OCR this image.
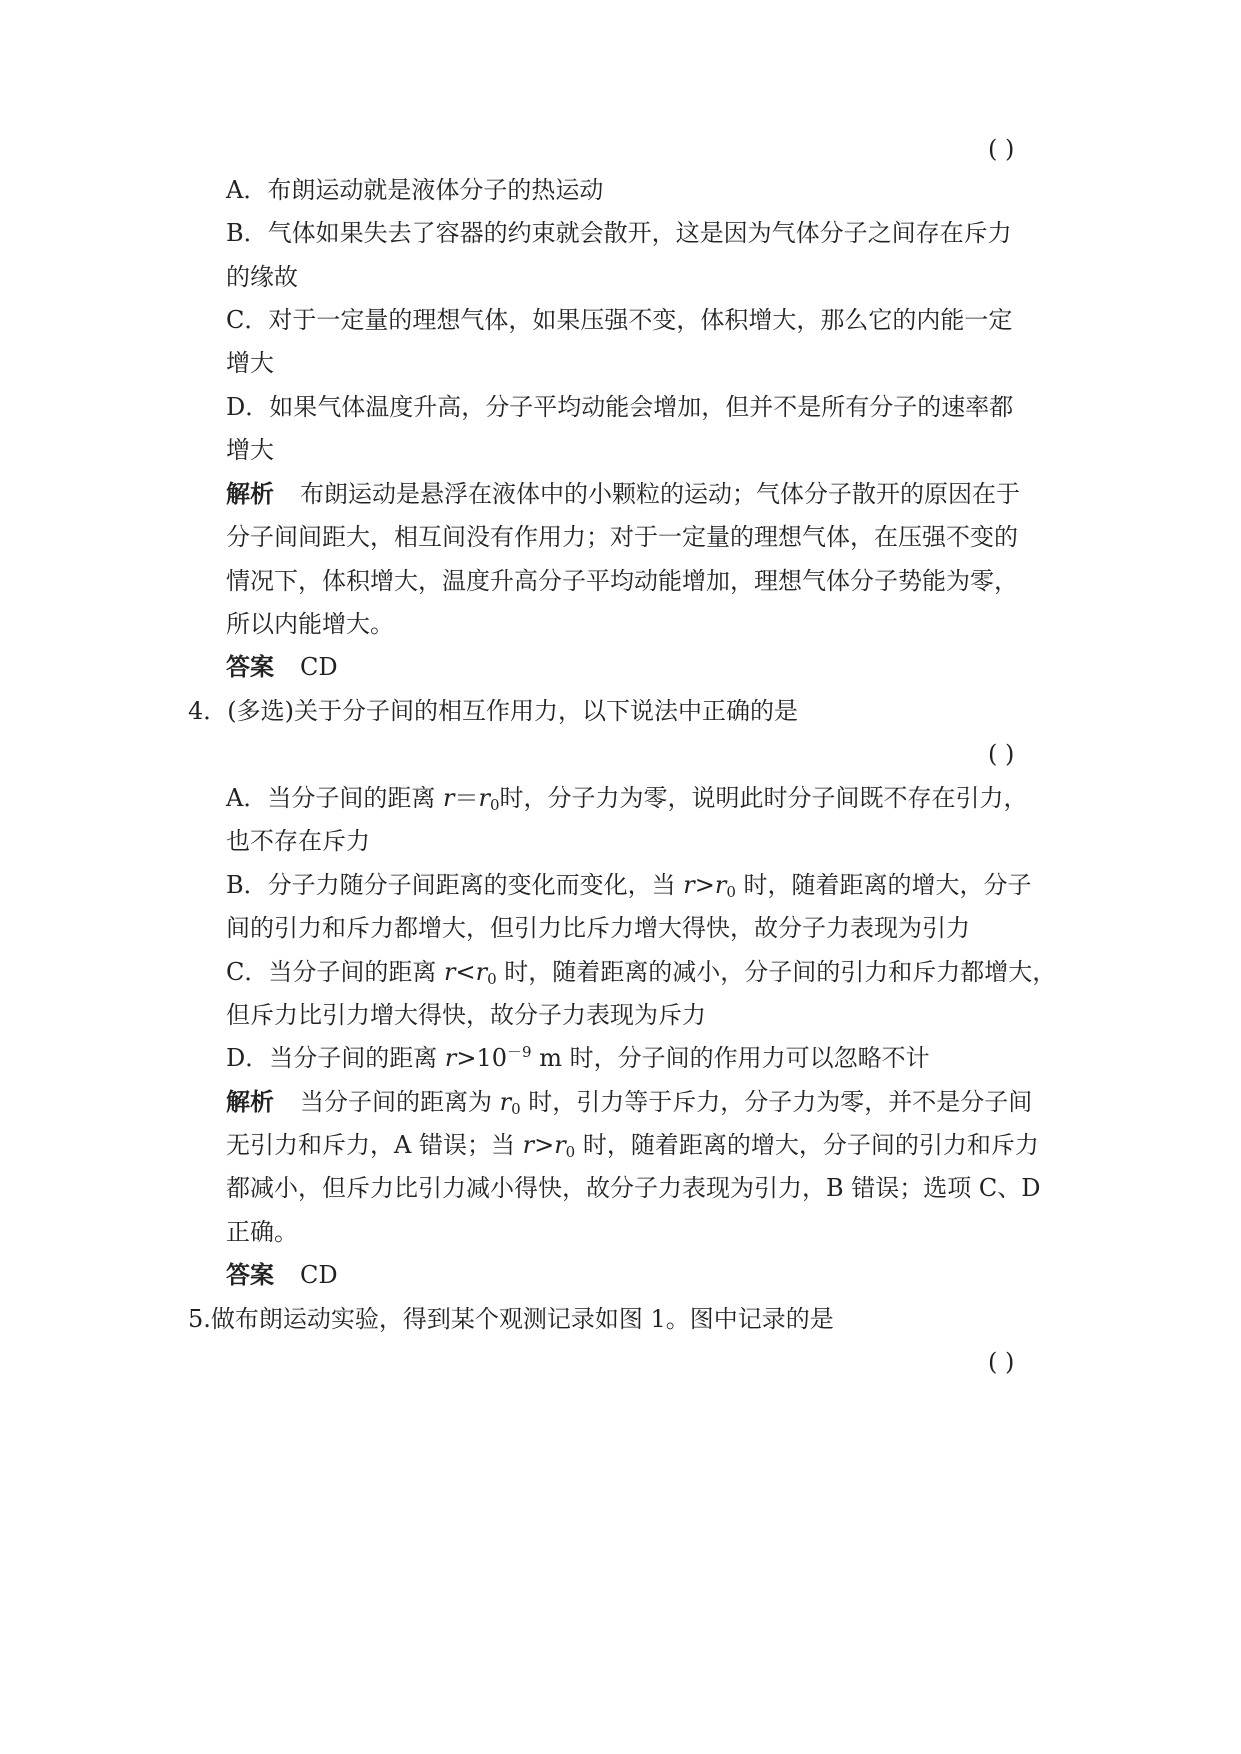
( )
A．布朗运动就是液体分子的热运动
B．气体如果失去了容器的约束就会散开，这是因为气体分子之间存在斥力
的缘故
C．对于一定量的理想气体，如果压强不变，体积增大，那么它的内能一定
增大
D．如果气体温度升高，分子平均动能会增加，但并不是所有分子的速率都
增大
解析 布朗运动是悬浮在液体中的小颗粒的运动；气体分子散开的原因在于
分子间间距大，相互间没有作用力；对于一定量的理想气体，在压强不变的
情况下，体积增大，温度升高分子平均动能增加，理想气体分子势能为零，
所以内能增大。
答案 CD
4．(多选)关于分子间的相互作用力，以下说法中正确的是
( )
A．当分子间的距离 $r=r_0$时，分子力为零，说明此时分子间既不存在引力，
也不存在斥力
B．分子力随分子间距离的变化而变化，当 $r>r_0$ 时，随着距离的增大，分子
间的引力和斥力都增大，但引力比斥力增大得快，故分子力表现为引力
C．当分子间的距离 $r<r_0$ 时，随着距离的减小，分子间的引力和斥力都增大，
但斥力比引力增大得快，故分子力表现为斥力
D．当分子间的距离 $r>10^{-9}$ m 时，分子间的作用力可以忽略不计
解析 当分子间的距离为 $r_0$ 时，引力等于斥力，分子力为零，并不是分子间
无引力和斥力，A 错误；当 $r>r_0$ 时，随着距离的增大，分子间的引力和斥力
都减小，但斥力比引力减小得快，故分子力表现为引力，B 错误；选项 C、D
正确。
答案 CD
5.做布朗运动实验，得到某个观测记录如图 1。图中记录的是
( )
